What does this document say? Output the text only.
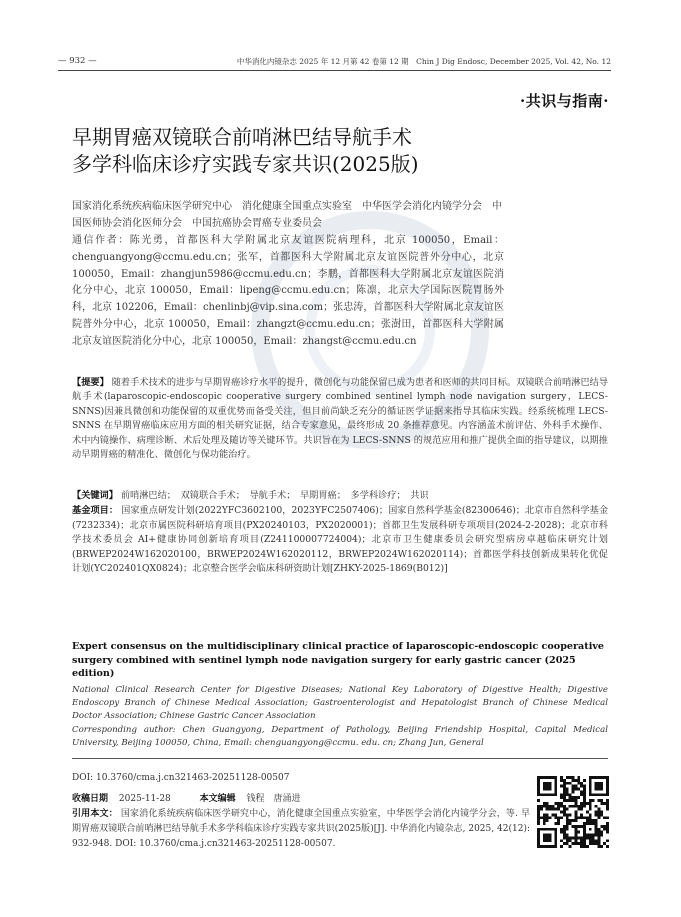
— 932 —	中华消化内镜杂志 2025 年 12 月第 42 卷第 12 期　Chin J Dig Endosc, December 2025, Vol. 42, No. 12
·共识与指南·
早期胃癌双镜联合前哨淋巴结导航手术
多学科临床诊疗实践专家共识(2025版)
国家消化系统疾病临床医学研究中心　消化健康全国重点实验室　中华医学会消化内镜学分会　中国医师协会消化医师分会　中国抗癌协会胃癌专业委员会
通信作者：陈光勇，首都医科大学附属北京友谊医院病理科，北京 100050，Email：chenguangyong@ccmu.edu.cn；张军，首都医科大学附属北京友谊医院普外分中心，北京 100050，Email：zhangjun5986@ccmu.edu.cn；李鹏，首都医科大学附属北京友谊医院消化分中心，北京 100050，Email：lipeng@ccmu.edu.cn；陈凛，北京大学国际医院胃肠外科，北京 102206，Email：chenlinbj@vip.sina.com；张忠涛，首都医科大学附属北京友谊医院普外分中心，北京 100050，Email：zhangzt@ccmu.edu.cn；张澍田，首都医科大学附属北京友谊医院消化分中心，北京 100050，Email：zhangst@ccmu.edu.cn
【提要】 随着手术技术的进步与早期胃癌诊疗水平的提升，微创化与功能保留已成为患者和医师的共同目标。双镜联合前哨淋巴结导航手术(laparoscopic-endoscopic cooperative surgery combined sentinel lymph node navigation surgery，LECS-SNNS)因兼具微创和功能保留的双重优势而备受关注，但目前尚缺乏充分的循证医学证据来指导其临床实践。经系统梳理 LECS-SNNS 在早期胃癌临床应用方面的相关研究证据，结合专家意见，最终形成 20 条推荐意见。内容涵盖术前评估、外科手术操作、术中内镜操作、病理诊断、术后处理及随访等关键环节。共识旨在为 LECS-SNNS 的规范应用和推广提供全面的指导建议，以期推动早期胃癌的精准化、微创化与保功能治疗。
【关键词】 前哨淋巴结；　双镜联合手术；　导航手术；　早期胃癌；　多学科诊疗；　共识
基金项目： 国家重点研发计划(2022YFC3602100，2023YFC2507406)；国家自然科学基金(82300646)；北京市自然科学基金(7232334)；北京市属医院科研培育项目(PX20240103，PX2020001)；首都卫生发展科研专项项目(2024-2-2028)；北京市科学技术委员会 AI+健康协同创新培育项目(Z241100007724004)；北京市卫生健康委员会研究型病房卓越临床研究计划(BRWEP2024W162020100，BRWEP2024W162020112，BRWEP2024W162020114)；首都医学科技创新成果转化优促计划(YC202401QX0824)；北京整合医学会临床科研资助计划[ZHKY-2025-1869(B012)]
Expert consensus on the multidisciplinary clinical practice of laparoscopic-endoscopic cooperative surgery combined with sentinel lymph node navigation surgery for early gastric cancer (2025 edition)
National Clinical Research Center for Digestive Diseases; National Key Laboratory of Digestive Health; Digestive Endoscopy Branch of Chinese Medical Association; Gastroenterologist and Hepatologist Branch of Chinese Medical Doctor Association; Chinese Gastric Cancer Association
Corresponding author: Chen Guangyong, Department of Pathology, Beijing Friendship Hospital, Capital Medical University, Beijing 100050, China, Email: chenguangyong@ccmu. edu. cn; Zhang Jun, General
DOI: 10.3760/cma.j.cn321463-20251128-00507
收稿日期 2025-11-28	本文编辑 钱程　唐涌进
引用本文： 国家消化系统疾病临床医学研究中心，消化健康全国重点实验室，中华医学会消化内镜学分会，等. 早期胃癌双镜联合前哨淋巴结导航手术多学科临床诊疗实践专家共识(2025版)[J]. 中华消化内镜杂志, 2025, 42(12): 932-948. DOI: 10.3760/cma.j.cn321463-20251128-00507.
